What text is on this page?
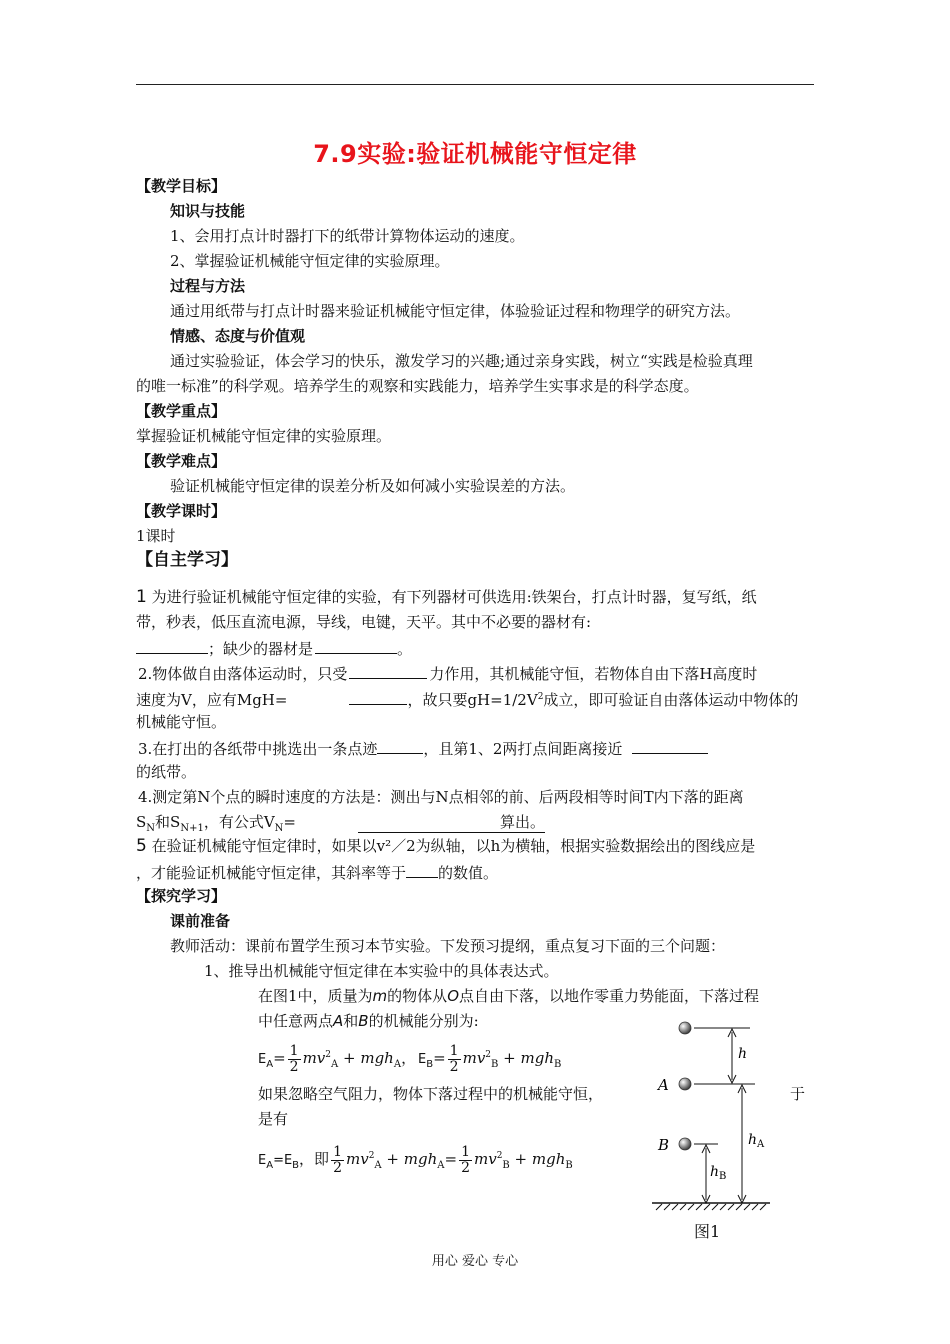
7.9实验:验证机械能守恒定律
【教学目标】
知识与技能
1、会用打点计时器打下的纸带计算物体运动的速度。
2、掌握验证机械能守恒定律的实验原理。
过程与方法
通过用纸带与打点计时器来验证机械能守恒定律，体验验证过程和物理学的研究方法。
情感、态度与价值观
通过实验验证，体会学习的快乐，激发学习的兴趣;通过亲身实践，树立“实践是检验真理
的唯一标准”的科学观。培养学生的观察和实践能力，培养学生实事求是的科学态度。
【教学重点】
掌握验证机械能守恒定律的实验原理。
【教学难点】
验证机械能守恒定律的误差分析及如何减小实验误差的方法。
【教学课时】
1课时
【自主学习】
1 为进行验证机械能守恒定律的实验，有下列器材可供选用:铁架台，打点计时器，复写纸，纸
带，秒表，低压直流电源，导线，电键，天平。其中不必要的器材有:
；缺少的器材是	。
2.物体做自由落体运动时，只受	力作用，其机械能守恒，若物体自由下落H高度时
速度为V，应有MgH=	，故只要$gH=1/2V^2$成立，即可验证自由落体运动中物体的
机械能守恒。
3.在打出的各纸带中挑选出一条点迹	，且第1、2两打点间距离接近
的纸带。
4.测定第N个点的瞬时速度的方法是：测出与N点相邻的前、后两段相等时间T内下落的距离
$S_N$和$S_{N+1}$，有公式$V_N=$	算出。
5 在验证机械能守恒定律时，如果以v²／2为纵轴，以h为横轴，根据实验数据绘出的图线应是
，才能验证机械能守恒定律，其斜率等于 的数值。
【探究学习】
课前准备
教师活动：课前布置学生预习本节实验。下发预习提纲，重点复习下面的三个问题：
1、推导出机械能守恒定律在本实验中的具体表达式。
在图1中，质量为m的物体从O点自由下落，以地作零重力势能面，下落过程
中任意两点A和B的机械能分别为:
$E_A= \frac{1}{2} mv^2_A + mgh_A$， $E_B= \frac{1}{2} mv^2_B + mgh_B$
如果忽略空气阻力，物体下落过程中的机械能守恒，	于
是有
$E_A=E_B$，即 $\frac{1}{2} mv^2_A + mgh_A= \frac{1}{2} mv^2_B + mgh_B$
h
A
B	$h_A$
$h_B$
图1
用心 爱心 专心
